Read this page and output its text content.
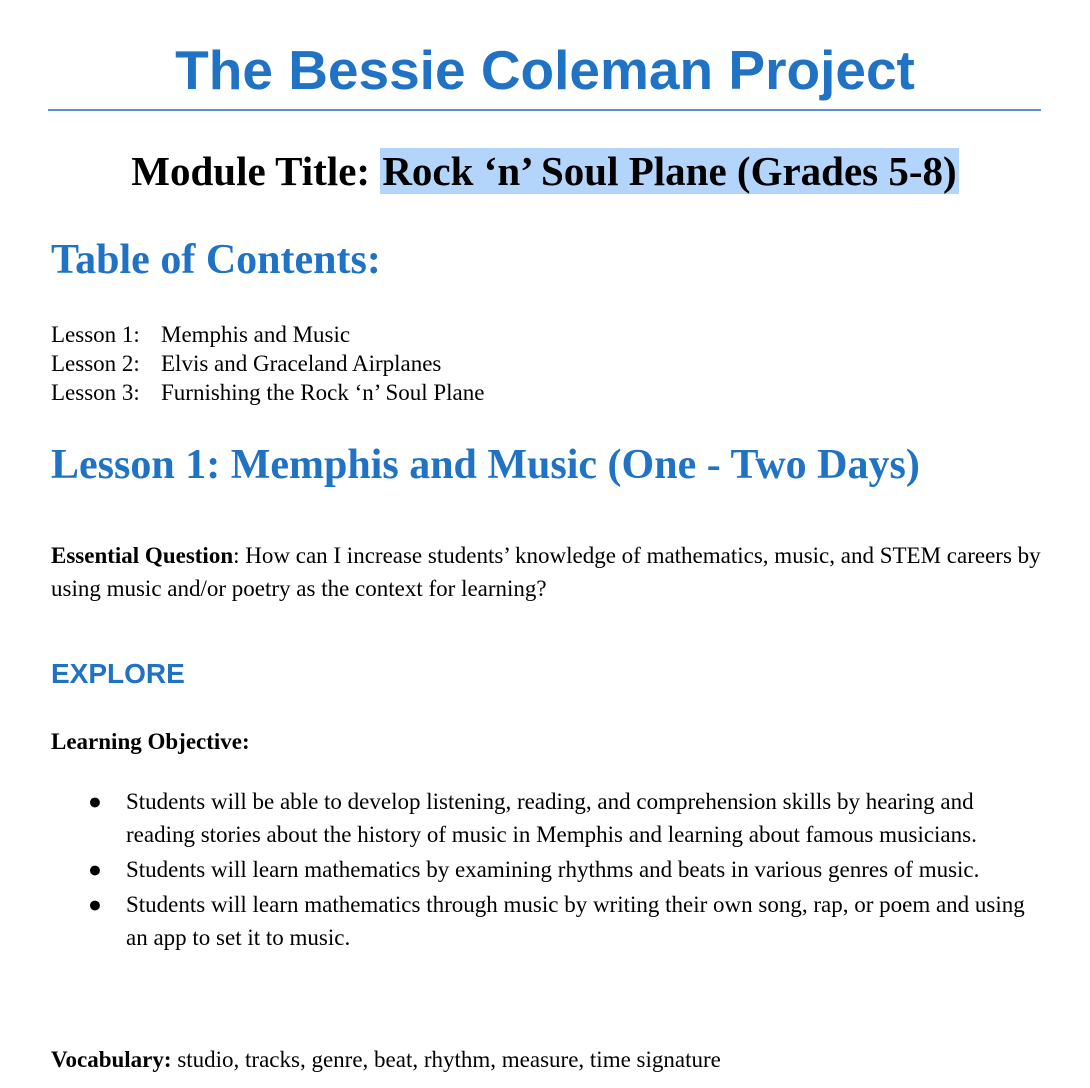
The Bessie Coleman Project
Module Title: Rock ‘n’ Soul Plane (Grades 5-8)
Table of Contents:
Lesson 1: Memphis and Music
Lesson 2: Elvis and Graceland Airplanes
Lesson 3: Furnishing the Rock ‘n’ Soul Plane
Lesson 1: Memphis and Music (One - Two Days)

Essential Question: How can I increase students’ knowledge of mathematics, music, and STEM careers by using music and/or poetry as the context for learning?

EXPLORE

Learning Objective:

● Students will be able to develop listening, reading, and comprehension skills by hearing and reading stories about the history of music in Memphis and learning about famous musicians.
● Students will learn mathematics by examining rhythms and beats in various genres of music.
● Students will learn mathematics through music by writing their own song, rap, or poem and using an app to set it to music.

Vocabulary: studio, tracks, genre, beat, rhythm, measure, time signature
